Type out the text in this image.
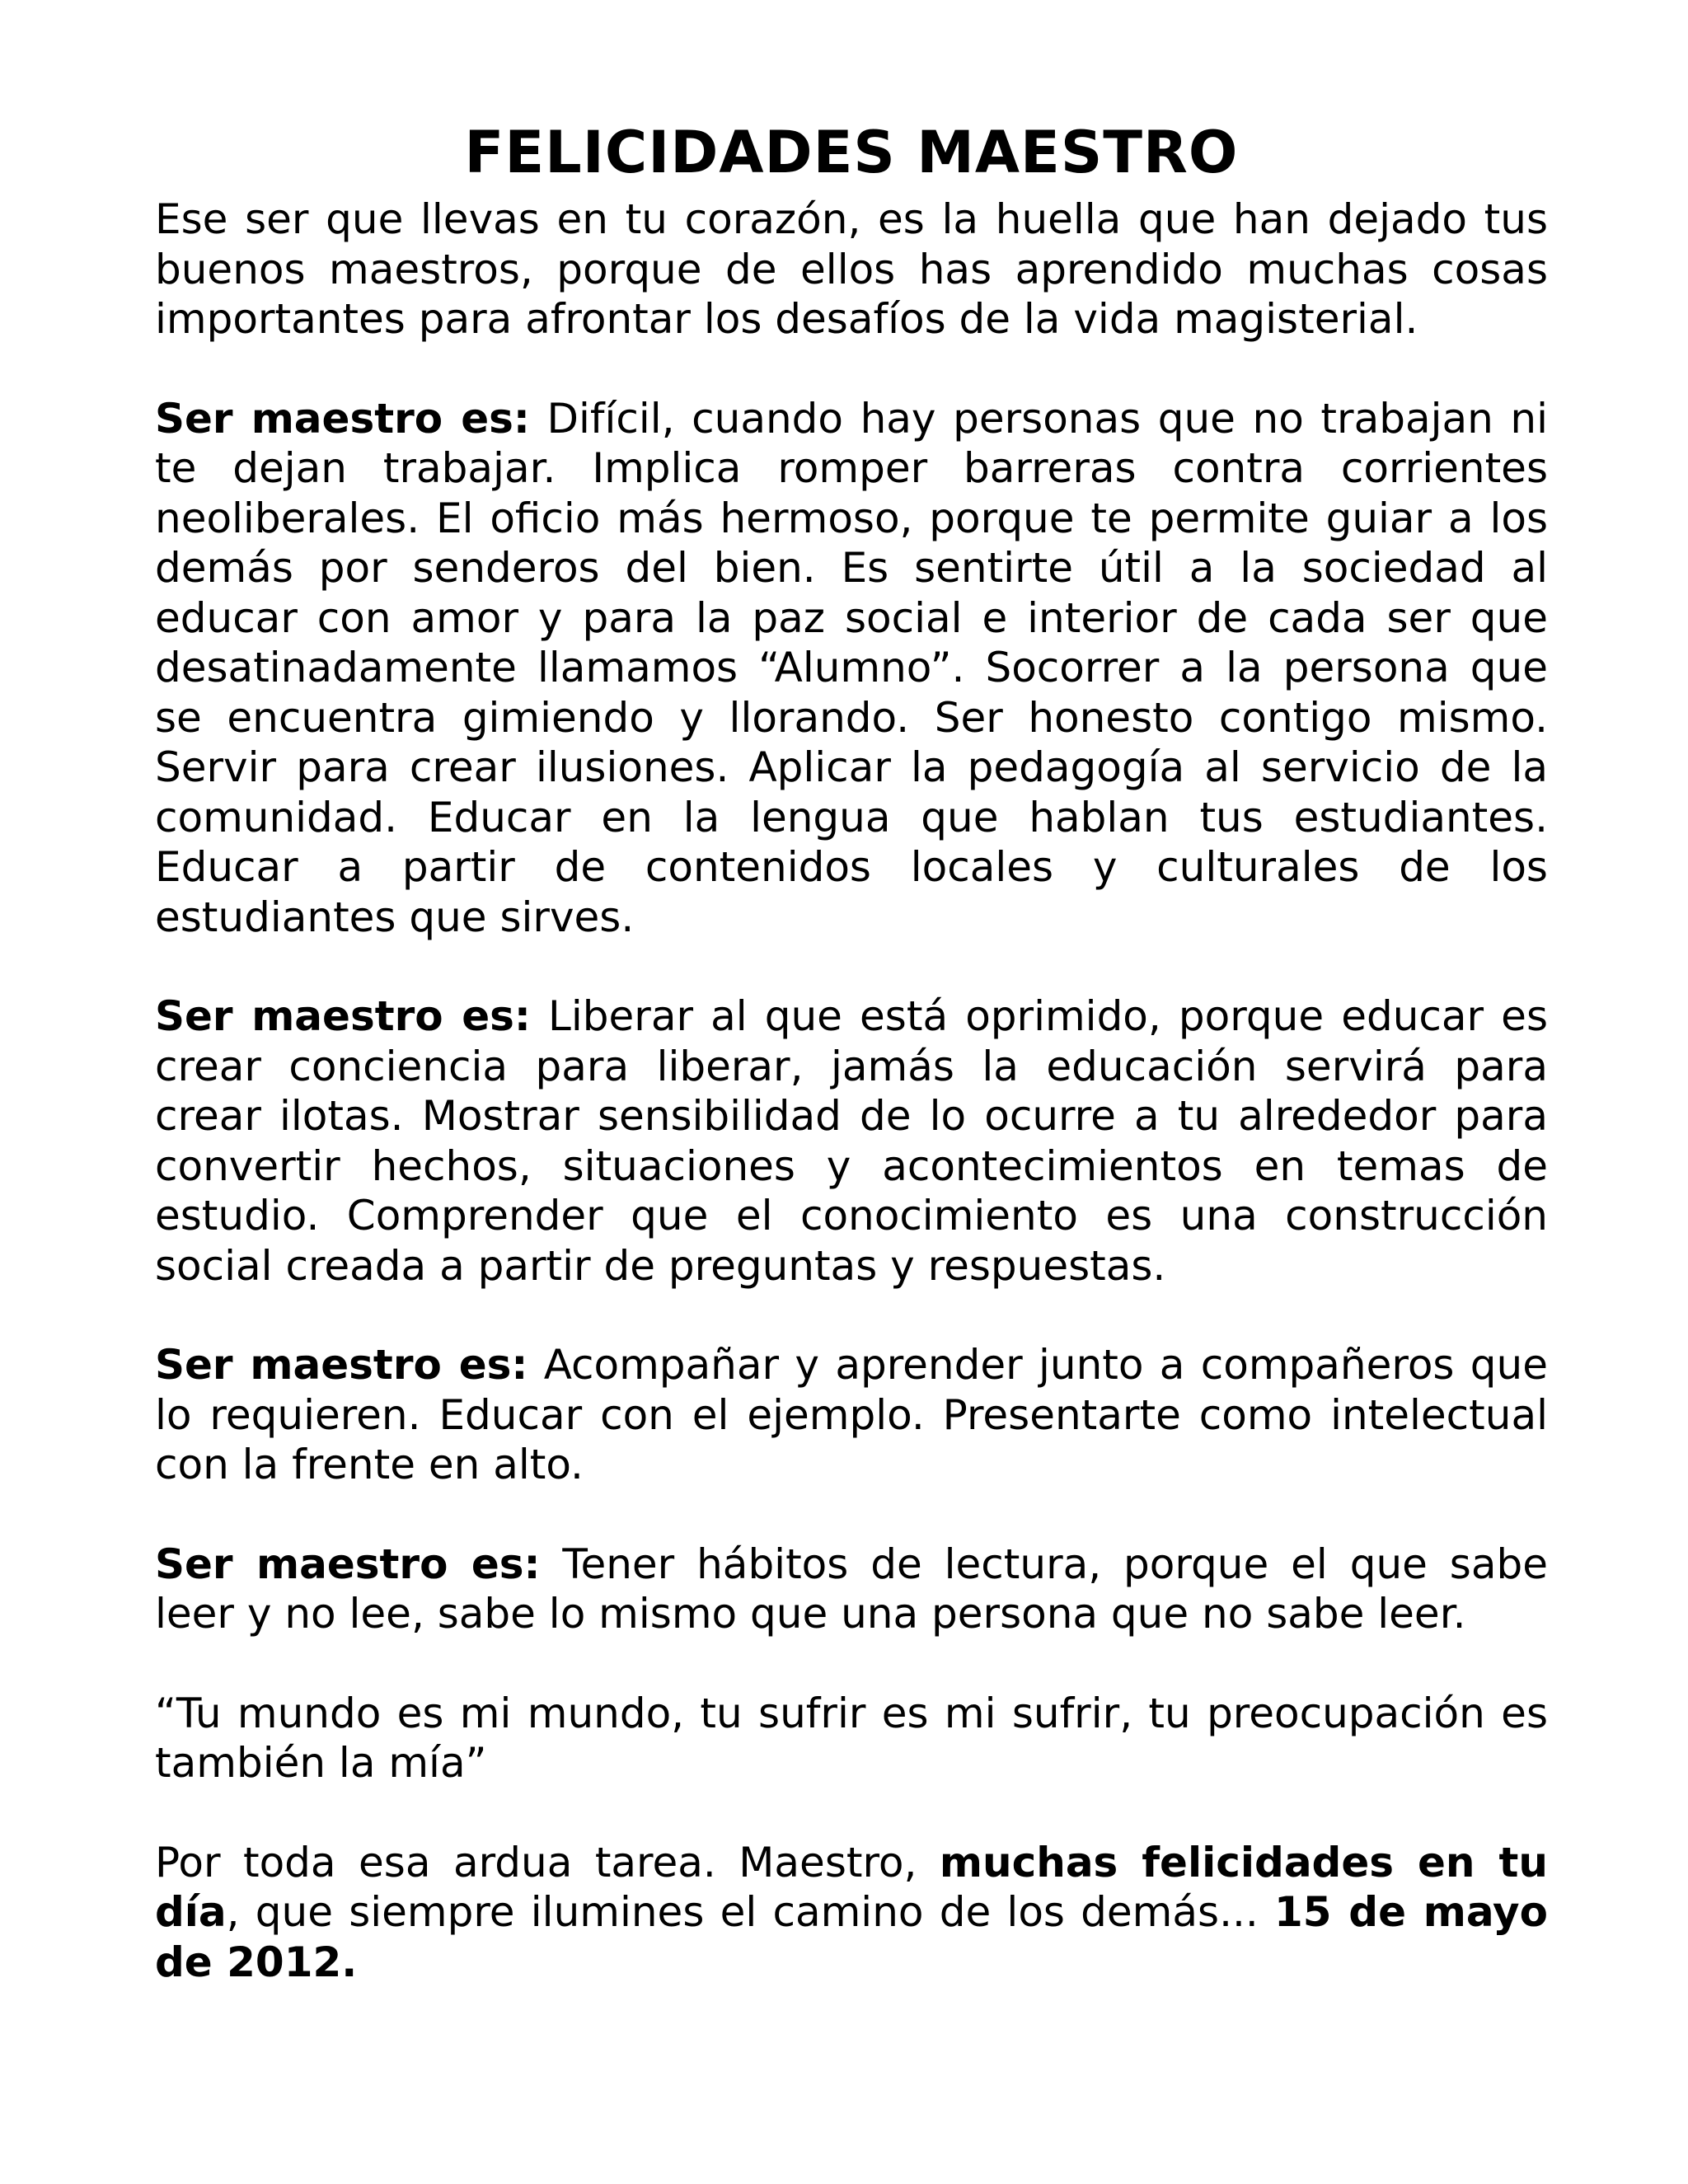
FELICIDADES MAESTRO

Ese ser que llevas en tu corazón, es la huella que han dejado tus buenos maestros, porque de ellos has aprendido muchas cosas importantes para afrontar los desafíos de la vida magisterial.

Ser maestro es: Difícil, cuando hay personas que no trabajan ni te dejan trabajar. Implica romper barreras contra corrientes neoliberales. El oficio más hermoso, porque te permite guiar a los demás por senderos del bien. Es sentirte útil a la sociedad al educar con amor y para la paz social e interior de cada ser que desatinadamente llamamos “Alumno”. Socorrer a la persona que se encuentra gimiendo y llorando. Ser honesto contigo mismo. Servir para crear ilusiones. Aplicar la pedagogía al servicio de la comunidad. Educar en la lengua que hablan tus estudiantes. Educar a partir de contenidos locales y culturales de los estudiantes que sirves.

Ser maestro es: Liberar al que está oprimido, porque educar es crear conciencia para liberar, jamás la educación servirá para crear ilotas. Mostrar sensibilidad de lo ocurre a tu alrededor para convertir hechos, situaciones y acontecimientos en temas de estudio. Comprender que el conocimiento es una construcción social creada a partir de preguntas y respuestas.

Ser maestro es: Acompañar y aprender junto a compañeros que lo requieren. Educar con el ejemplo. Presentarte como intelectual con la frente en alto.

Ser maestro es: Tener hábitos de lectura, porque el que sabe leer y no lee, sabe lo mismo que una persona que no sabe leer.

“Tu mundo es mi mundo, tu sufrir es mi sufrir, tu preocupación es también la mía”

Por toda esa ardua tarea. Maestro, muchas felicidades en tu día, que siempre ilumines el camino de los demás... 15 de mayo de 2012.
